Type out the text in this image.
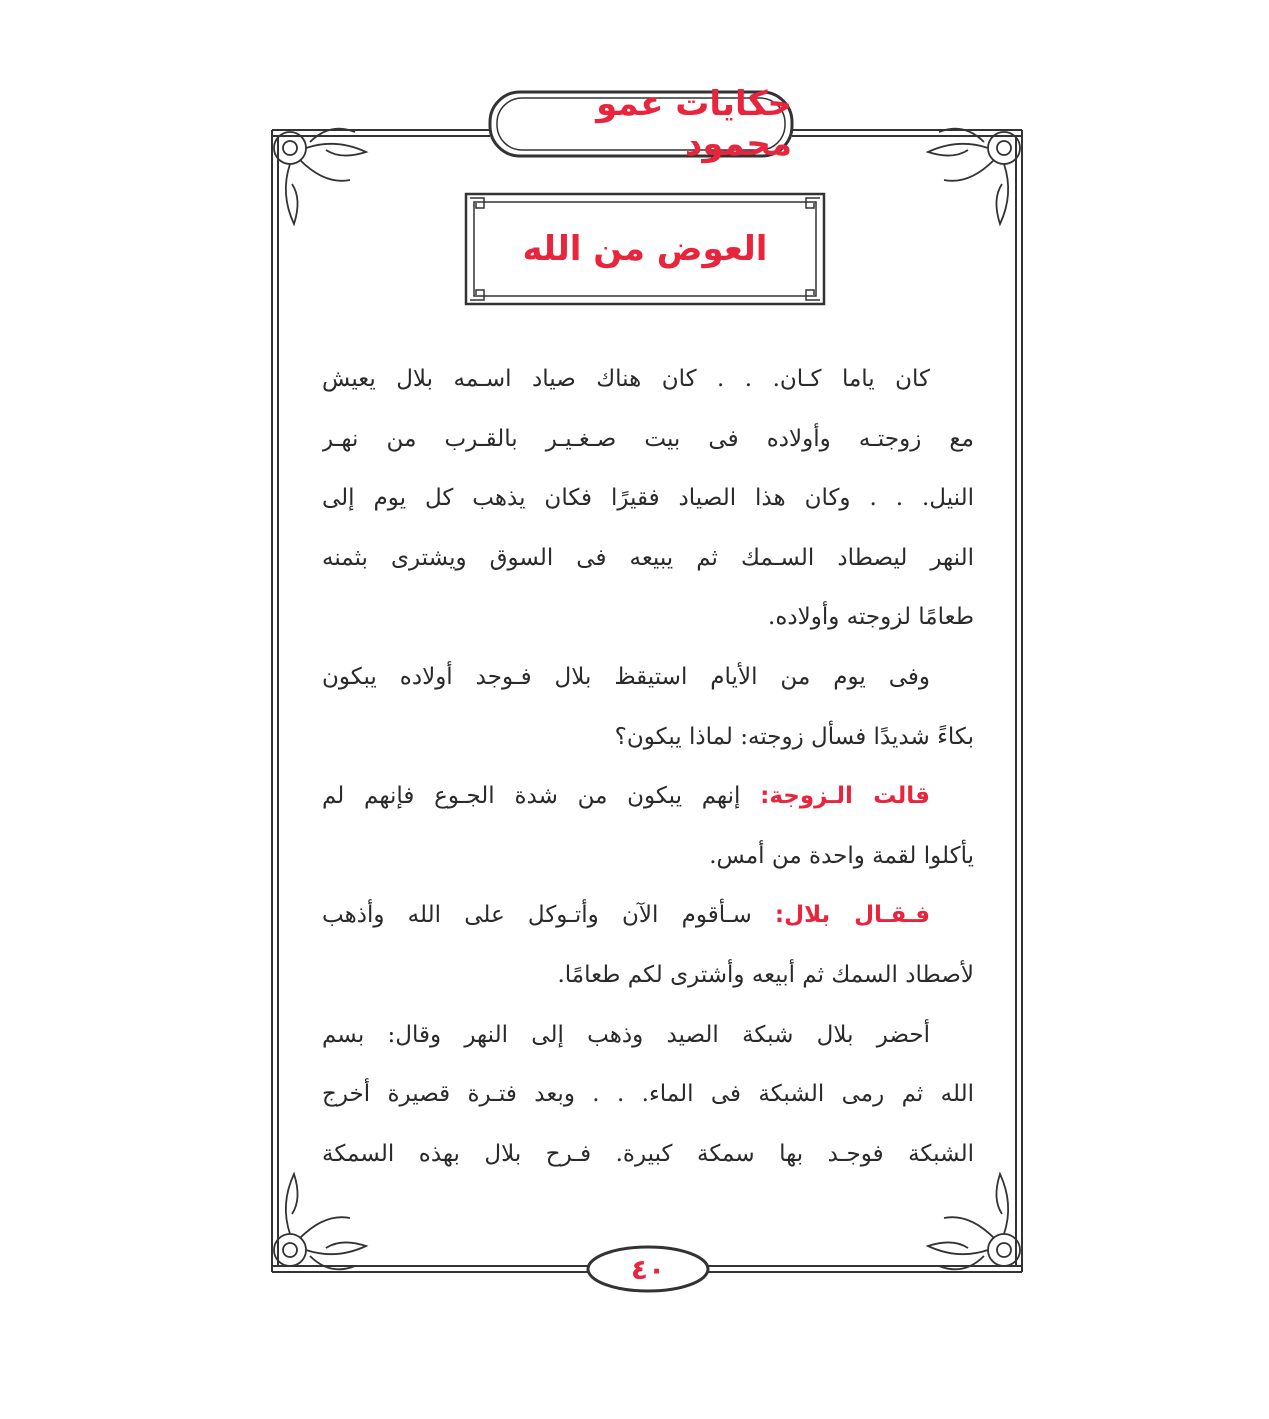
حكايات عمو محمود
العوض من الله
كان ياما كـان. . . كان هناك صياد اسـمه بلال يعيش
مع زوجتـه وأولاده فى بيت صـغـيـر بالقـرب من نهـر
النيل. . . وكان هذا الصياد فقيرًا فكان يذهب كل يوم إلى
النهر ليصطاد السـمك ثم يبيعه فى السوق ويشترى بثمنه
طعامًا لزوجته وأولاده.
وفى يوم من الأيام استيقظ بلال فـوجد أولاده يبكون
بكاءً شديدًا فسأل زوجته: لماذا يبكون؟
قالت الـزوجة: إنهم يبكون من شدة الجـوع فإنهم لم
يأكلوا لقمة واحدة من أمس.
فـقـال بلال: سـأقوم الآن وأتـوكل على الله وأذهب
لأصطاد السمك ثم أبيعه وأشترى لكم طعامًا.
أحضر بلال شبكة الصيد وذهب إلى النهر وقال: بسم
الله ثم رمى الشبكة فى الماء. . . وبعد فتـرة قصيرة أخرج
الشبكة فوجـد بها سمكة كبيرة. فـرح بلال بهذه السمكة
٤٠
